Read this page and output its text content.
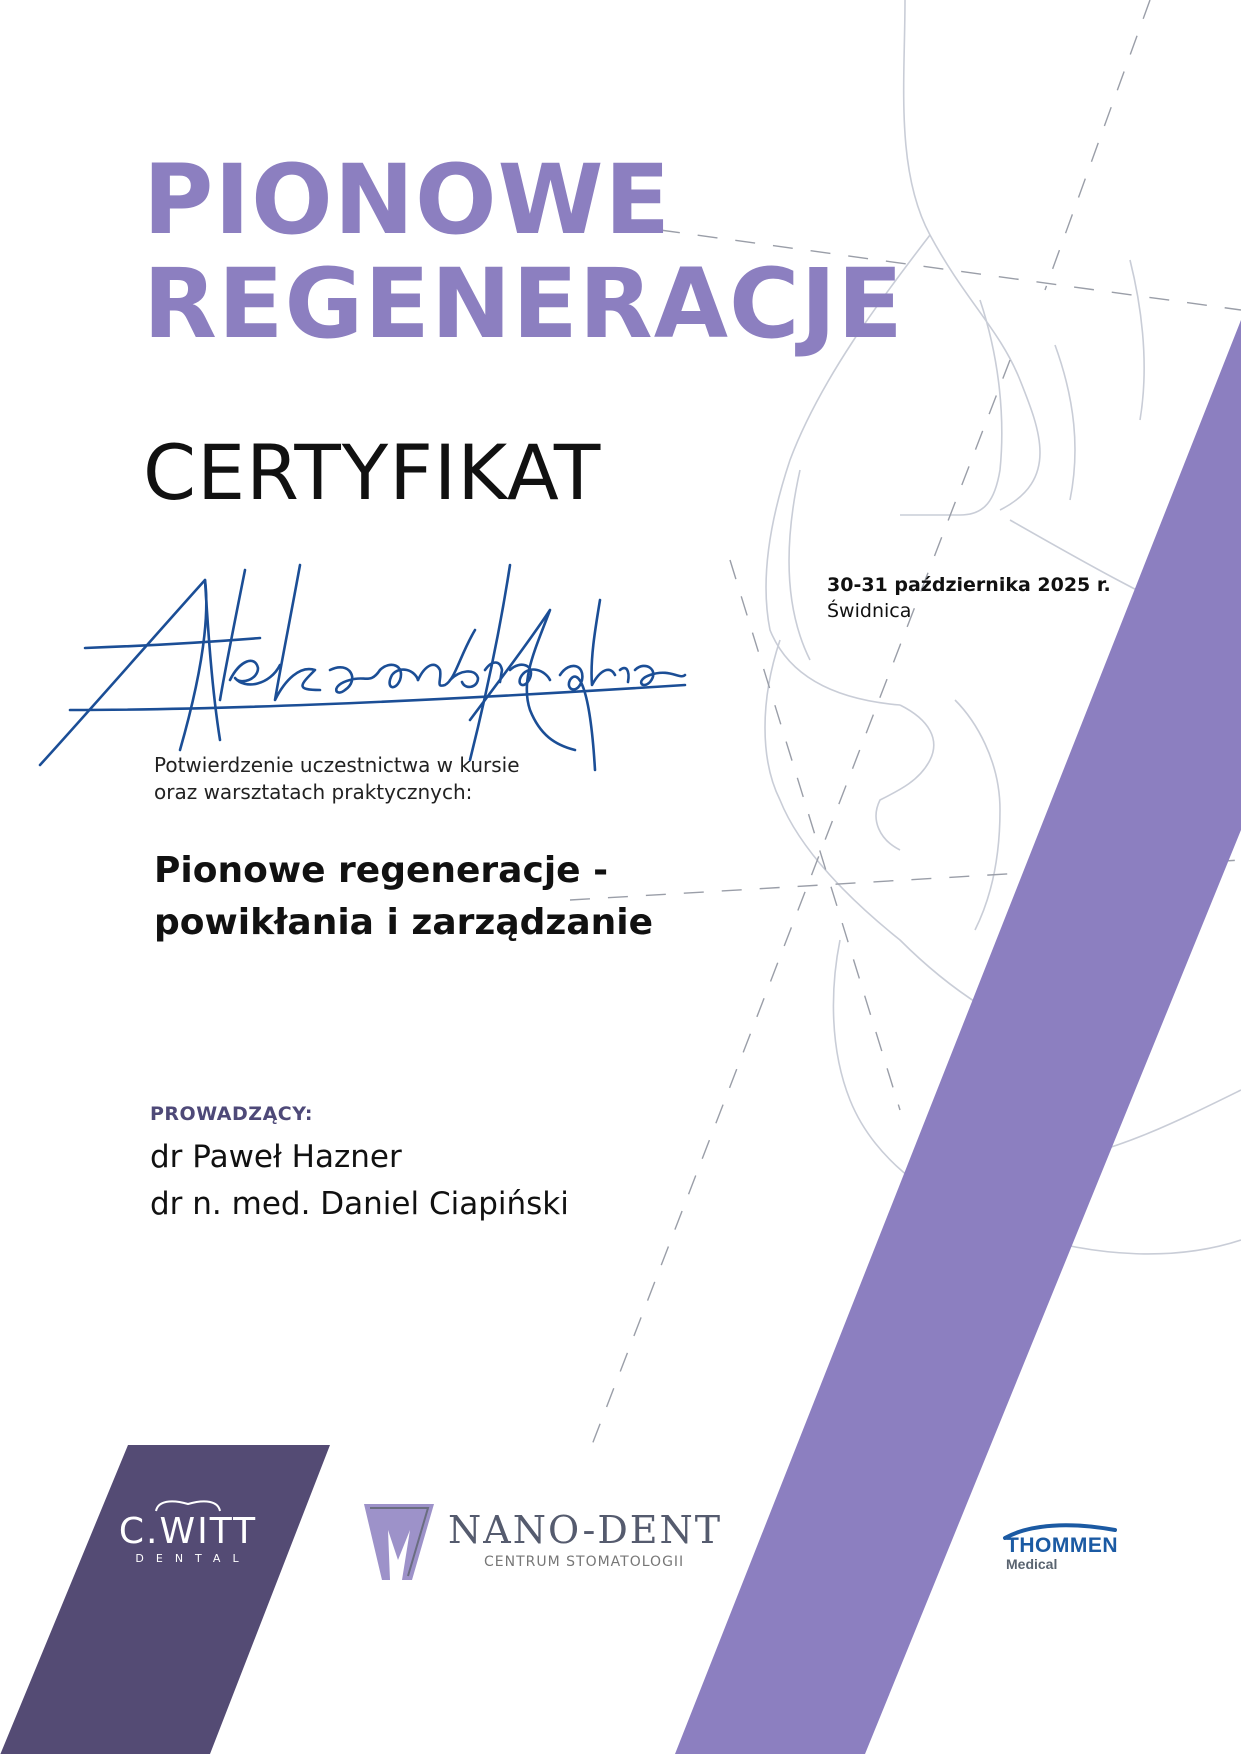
PIONOWE
REGENERACJE
CERTYFIKAT
30-31 października 2025 r.
Świdnica
Potwierdzenie uczestnictwa w kursie
oraz warsztatach praktycznych:
Pionowe regeneracje -
powikłania i zarządzanie
PROWADZĄCY:
dr Paweł Hazner
dr n. med. Daniel Ciapiński
C.WITT
DENTAL
NANO-DENT
CENTRUM STOMATOLOGII
THOMMEN
Medical
